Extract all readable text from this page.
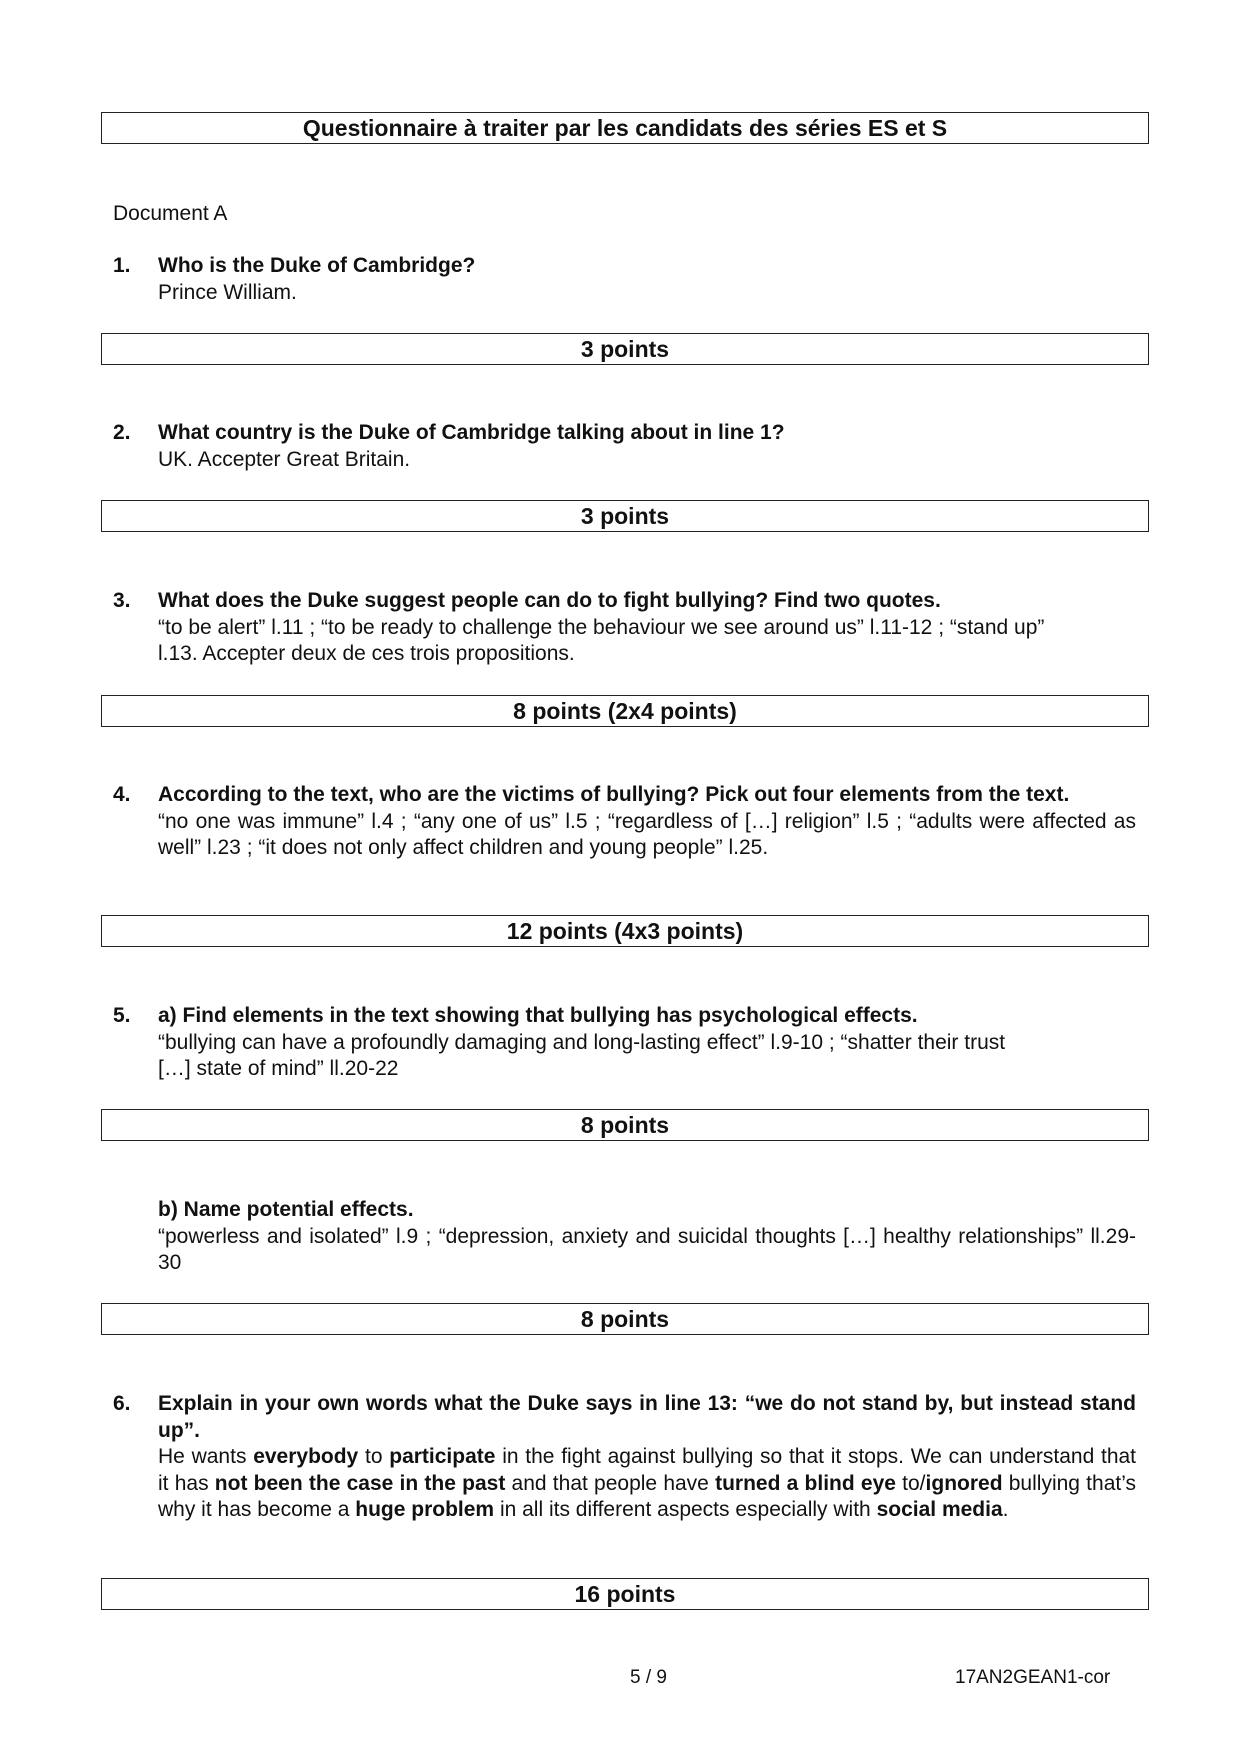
Questionnaire à traiter par les candidats des séries ES et S
Document A
1. Who is the Duke of Cambridge?
Prince William.
3 points
2. What country is the Duke of Cambridge talking about in line 1?
UK. Accepter Great Britain.
3 points
3. What does the Duke suggest people can do to fight bullying? Find two quotes.
“to be alert” l.11 ; “to be ready to challenge the behaviour we see around us” l.11-12 ; “stand up”
l.13. Accepter deux de ces trois propositions.
8 points (2x4 points)
4. According to the text, who are the victims of bullying? Pick out four elements from the text.
“no one was immune” l.4 ; “any one of us” l.5 ; “regardless of […] religion” l.5 ; “adults were affected as well” l.23 ; “it does not only affect children and young people” l.25.
12 points (4x3 points)
5. a) Find elements in the text showing that bullying has psychological effects.
“bullying can have a profoundly damaging and long-lasting effect” l.9-10 ; “shatter their trust
[…] state of mind” ll.20-22
8 points
b) Name potential effects.
“powerless and isolated” l.9 ; “depression, anxiety and suicidal thoughts […] healthy relationships” ll.29-30
8 points
6. Explain in your own words what the Duke says in line 13: “we do not stand by, but instead stand up”.
He wants everybody to participate in the fight against bullying so that it stops. We can understand that it has not been the case in the past and that people have turned a blind eye to/ignored bullying that’s why it has become a huge problem in all its different aspects especially with social media.
16 points
5 / 9	17AN2GEAN1-cor
